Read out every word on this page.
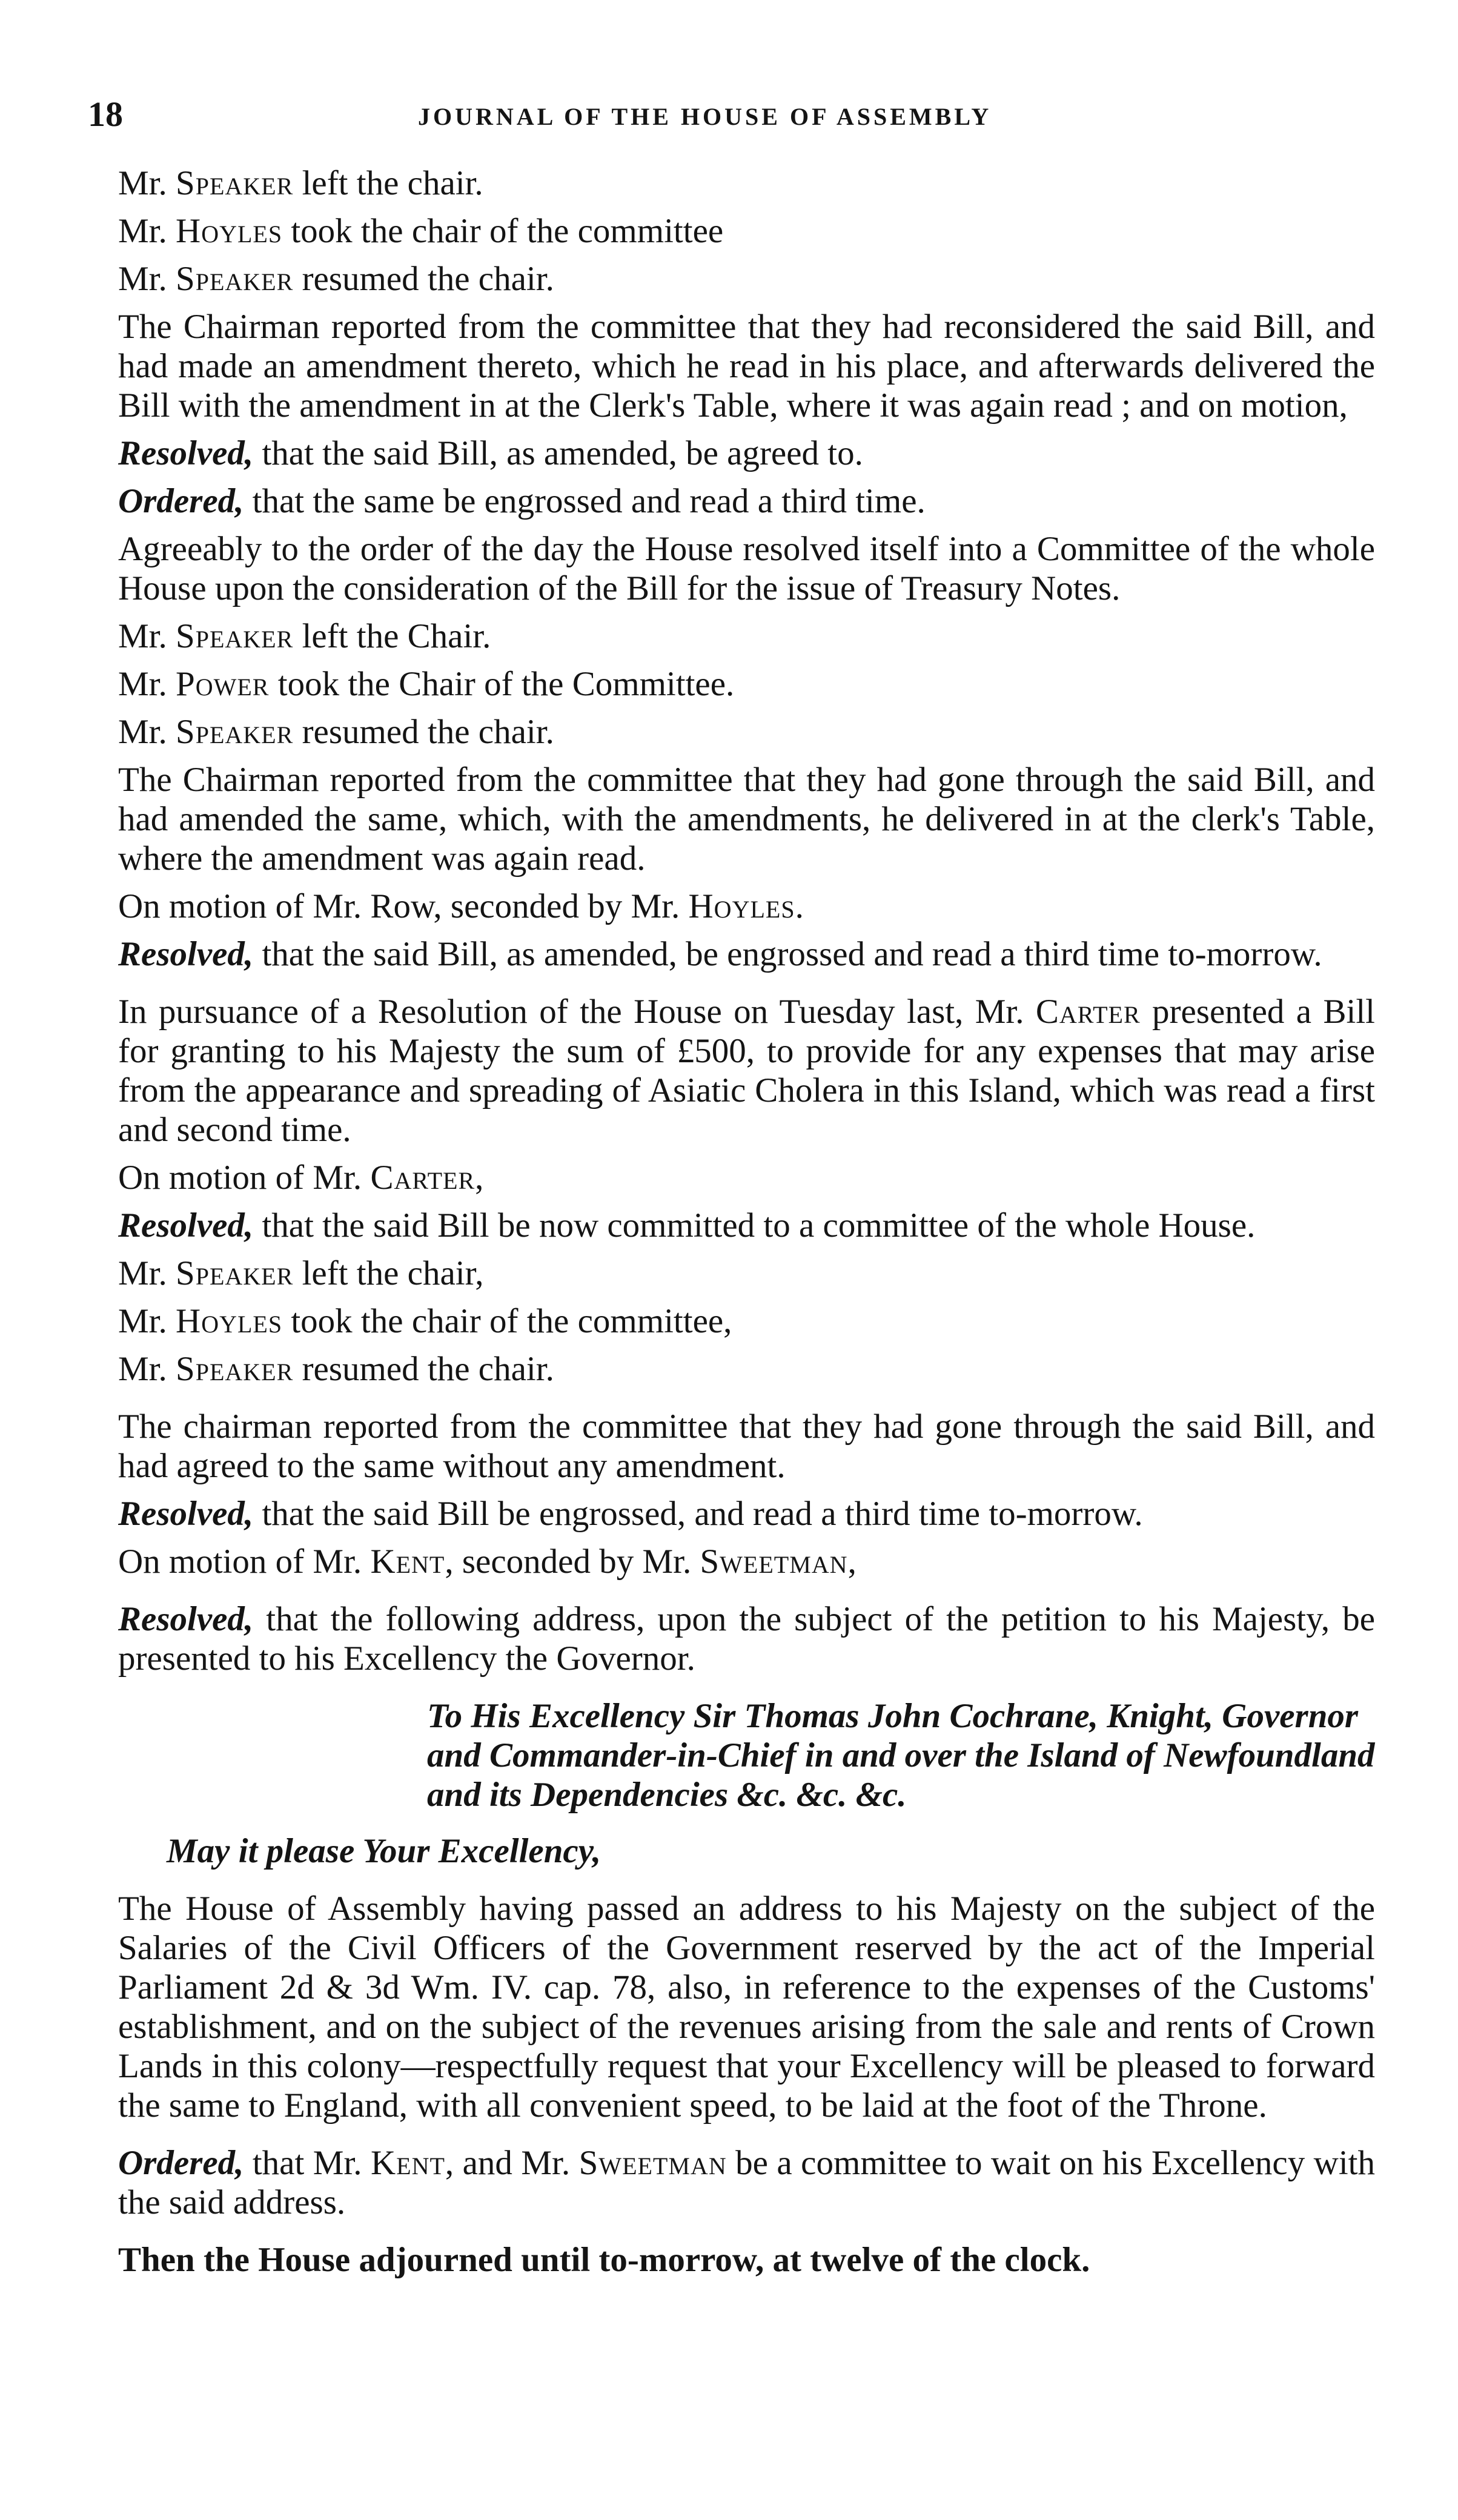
18	JOURNAL OF THE HOUSE OF ASSEMBLY

Mr. Speaker left the chair.

Mr. Hoyles took the chair of the committee

Mr. Speaker resumed the chair.

The Chairman reported from the committee that they had reconsidered the said Bill, and had made an amendment thereto, which he read in his place, and afterwards delivered the Bill with the amendment in at the Clerk's Table, where it was again read ; and on motion,

Resolved, that the said Bill, as amended, be agreed to.

Ordered, that the same be engrossed and read a third time.

Agreeably to the order of the day the House resolved itself into a Committee of the whole House upon the consideration of the Bill for the issue of Treasury Notes.

Mr. Speaker left the Chair.

Mr. Power took the Chair of the Committee.

Mr. Speaker resumed the chair.

The Chairman reported from the committee that they had gone through the said Bill, and had amended the same, which, with the amendments, he delivered in at the clerk's Table, where the amendment was again read.

On motion of Mr. Row, seconded by Mr. Hoyles.

Resolved, that the said Bill, as amended, be engrossed and read a third time to-morrow.

In pursuance of a Resolution of the House on Tuesday last, Mr. Carter presented a Bill for granting to his Majesty the sum of £500, to provide for any expenses that may arise from the appearance and spreading of Asiatic Cholera in this Island, which was read a first and second time.

On motion of Mr. Carter,

Resolved, that the said Bill be now committed to a committee of the whole House.

Mr. Speaker left the chair,

Mr. Hoyles took the chair of the committee,

Mr. Speaker resumed the chair.

The chairman reported from the committee that they had gone through the said Bill, and had agreed to the same without any amendment.

Resolved, that the said Bill be engrossed, and read a third time to-morrow.

On motion of Mr. Kent, seconded by Mr. Sweetman,

Resolved, that the following address, upon the subject of the petition to his Majesty, be presented to his Excellency the Governor.

To His Excellency Sir Thomas John Cochrane, Knight, Governor and Commander-in-Chief in and over the Island of Newfoundland and its Dependencies &c. &c. &c.

May it please Your Excellency,

The House of Assembly having passed an address to his Majesty on the subject of the Salaries of the Civil Officers of the Government reserved by the act of the Imperial Parliament 2d & 3d Wm. IV. cap. 78, also, in reference to the expenses of the Customs' establishment, and on the subject of the revenues arising from the sale and rents of Crown Lands in this colony—respectfully request that your Excellency will be pleased to forward the same to England, with all convenient speed, to be laid at the foot of the Throne.

Ordered, that Mr. Kent, and Mr. Sweetman be a committee to wait on his Excellency with the said address.

Then the House adjourned until to-morrow, at twelve of the clock.
